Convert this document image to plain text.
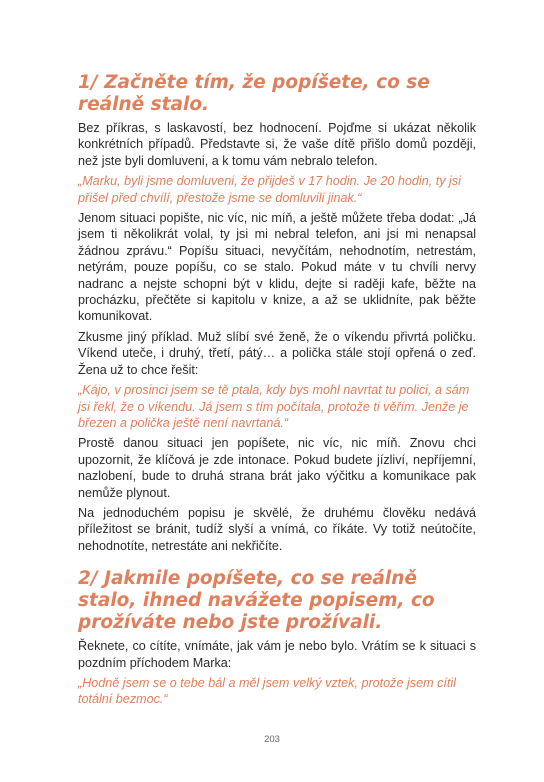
1/ Začněte tím, že popíšete, co se reálně stalo.

Bez příkras, s laskavostí, bez hodnocení. Pojďme si ukázat několik konkrétních případů. Představte si, že vaše dítě přišlo domů později, než jste byli domluveni, a k tomu vám nebralo telefon.

„Marku, byli jsme domluveni, že přijdeš v 17 hodin. Je 20 hodin, ty jsi přišel před chvílí, přestože jsme se domluvili jinak.“

Jenom situaci popište, nic víc, nic míň, a ještě můžete třeba dodat: „Já jsem ti několikrát volal, ty jsi mi nebral telefon, ani jsi mi nenapsal žádnou zprávu.“ Popíšu situaci, nevyčítám, nehodnotím, netrestám, netýrám, pouze popíšu, co se stalo. Pokud máte v tu chvíli nervy nadranc a nejste schopni být v klidu, dejte si raději kafe, běžte na procházku, přečtěte si kapitolu v knize, a až se uklidníte, pak běžte komunikovat.

Zkusme jiný příklad. Muž slíbí své ženě, že o víkendu přivrtá poličku. Víkend uteče, i druhý, třetí, pátý… a polička stále stojí opřená o zeď. Žena už to chce řešit:

„Kájo, v prosinci jsem se tě ptala, kdy bys mohl navrtat tu polici, a sám jsi řekl, že o víkendu. Já jsem s tím počítala, protože ti věřím. Jenže je březen a polička ještě není navrtaná.“

Prostě danou situaci jen popíšete, nic víc, nic míň. Znovu chci upozornit, že klíčová je zde intonace. Pokud budete jízliví, nepříjemní, nazlobení, bude to druhá strana brát jako výčitku a komunikace pak nemůže plynout.

Na jednoduchém popisu je skvělé, že druhému člověku nedává příležitost se bránit, tudíž slyší a vnímá, co říkáte. Vy totiž neútočíte, nehodnotíte, netrestáte ani nekřičíte.

2/ Jakmile popíšete, co se reálně stalo, ihned navážete popisem, co prožíváte nebo jste prožívali.

Řeknete, co cítíte, vnímáte, jak vám je nebo bylo. Vrátím se k situaci s pozdním příchodem Marka:

„Hodně jsem se o tebe bál a měl jsem velký vztek, protože jsem cítil totální bezmoc.“

203
